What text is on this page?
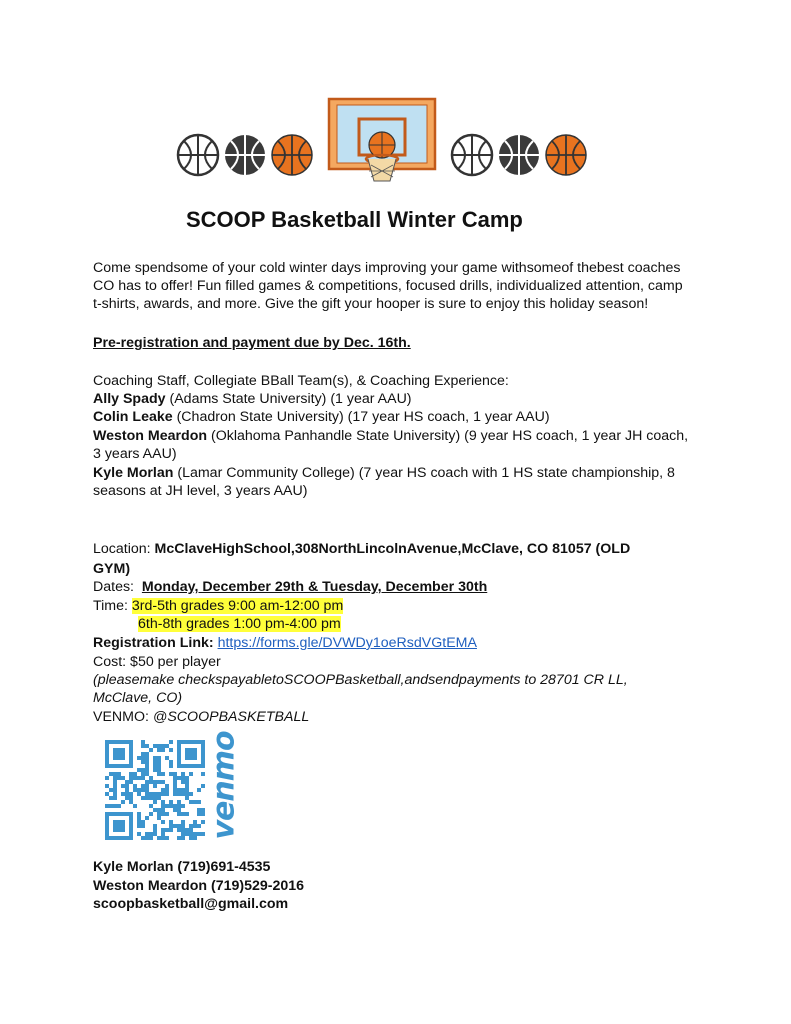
SCOOP Basketball Winter Camp
Come spendsome of your cold winter days improving your game withsomeof thebest coaches
CO has to offer! Fun filled games & competitions, focused drills, individualized attention, camp
t-shirts, awards, and more. Give the gift your hooper is sure to enjoy this holiday season!
Pre-registration and payment due by Dec. 16th.
Coaching Staff, Collegiate BBall Team(s), & Coaching Experience:
Ally Spady (Adams State University) (1 year AAU)
Colin Leake (Chadron State University) (17 year HS coach, 1 year AAU)
Weston Meardon (Oklahoma Panhandle State University) (9 year HS coach, 1 year JH coach,
3 years AAU)
Kyle Morlan (Lamar Community College) (7 year HS coach with 1 HS state championship, 8
seasons at JH level, 3 years AAU)
Location: McClaveHighSchool,308NorthLincolnAvenue,McClave, CO 81057 (OLD
GYM)
Dates: Monday, December 29th & Tuesday, December 30th
Time: 3rd-5th grades 9:00 am-12:00 pm
6th-8th grades 1:00 pm-4:00 pm
Registration Link: https://forms.gle/DVWDy1oeRsdVGtEMA
Cost: $50 per player
(pleasemake checkspayabletoSCOOPBasketball,andsendpayments to 28701 CR LL,
McClave, CO)
VENMO: @SCOOPBASKETBALL
venmo
Kyle Morlan (719)691-4535
Weston Meardon (719)529-2016
scoopbasketball@gmail.com
